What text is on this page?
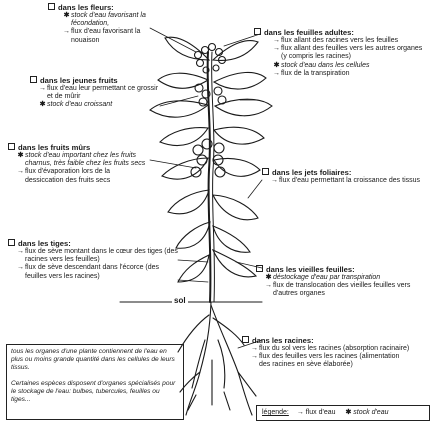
dans les fleurs:
✱ stock d'eau favorisant la fécondation,
→ flux d'eau favorisant la nouaison
dans les jeunes fruits
→ flux d'eau leur permettant ce grossir et de mûrir
✱ stock d'eau croissant
dans les fruits mûrs
✱ stock d'eau important chez les fruits charnus, très faible chez les fruits secs
→ flux d'évaporation lors de la dessiccation des fruits secs
dans les tiges:
→ flux de sève montant dans le cœur des tiges (des racines vers les feuilles)
→ flux de sève descendant dans l'écorce (des feuilles vers les racines)
dans les feuilles adultes:
→ flux allant des racines vers les feuilles
→ flux allant des feuilles vers les autres organes (y compris les racines)
✱ stock d'eau dans les cellules
→ flux de la transpiration
dans les jets foliaires:
→ flux d'eau permettant la croissance des tissus
dans les vieilles feuilles:
✱ déstockage d'eau par transpiration
→ flux de translocation des vieilles feuilles vers d'autres organes
dans les racines:
→ flux du sol vers les racines (absorption racinaire)
→ flux des feuilles vers les racines (alimentation des racines en sève élaborée)
sol
tous les organes d'une plante contiennent de l'eau en plus ou moins grande quantité dans les cellules de leurs tissus.
Certaines espèces disposent d'organes spécialisés pour le stockage de l'eau: bulbes, tubercules, feuilles ou tiges...
légende: → flux d'eau ✱ stock d'eau
